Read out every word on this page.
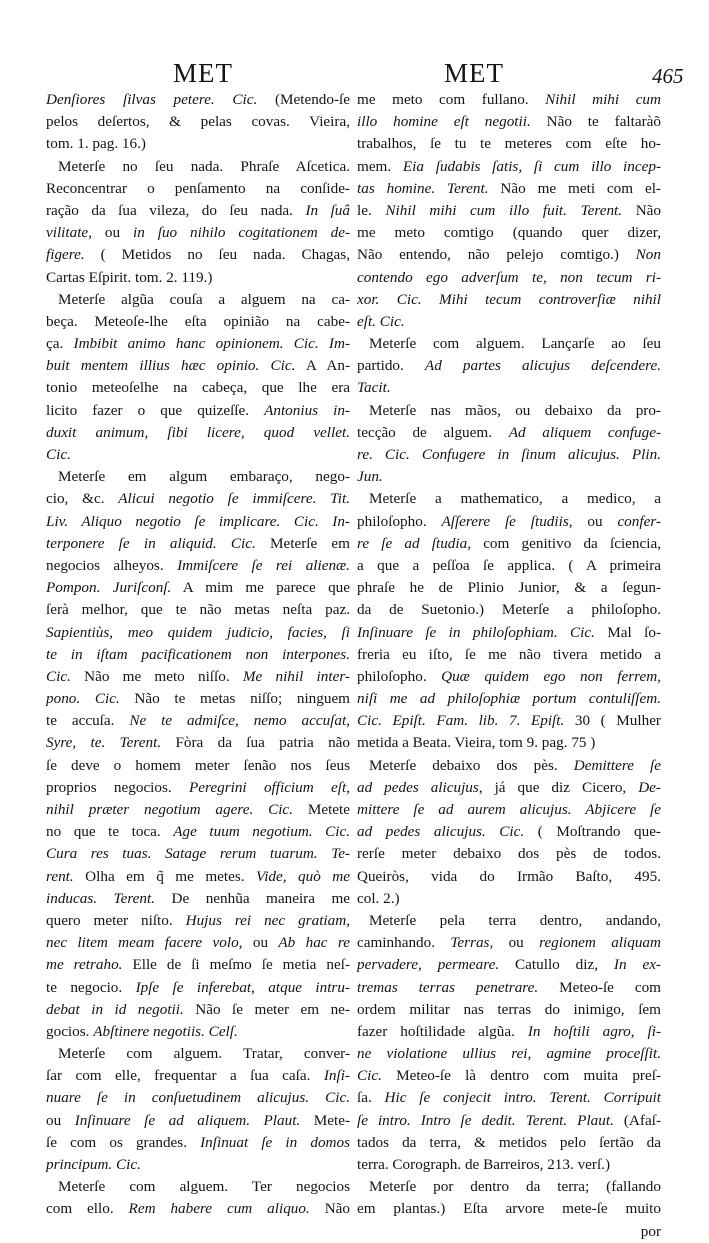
MET	MET	465
Denſiores ſilvas petere. Cic. (Metendo-ſe
pelos deſertos, & pelas covas. Vieira,
tom. 1. pag. 16.)
Meterſe no ſeu nada. Phraſe Aſcetica.
Reconcentrar o penſamento na conſide-
ração da ſua vileza, do ſeu nada. In ſuâ
vilitate, ou in ſuo nihilo cogitationem de-
figere. ( Metidos no ſeu nada. Chagas,
Cartas Eſpirit. tom. 2. 119.)
Meterſe algũa couſa a alguem na ca-
beça. Meteoſe-lhe eſta opinião na cabe-
ça. Imbibit animo hanc opinionem. Cic. Im-
buit mentem illius hæc opinio. Cic. A An-
tonio meteoſelhe na cabeça, que lhe era
licito fazer o que quizeſſe. Antonius in-
duxit animum, ſibi licere, quod vellet.
Cic.
Meterſe em algum embaraço, nego-
cio, &c. Alicui negotio ſe immiſcere. Tit.
Liv. Aliquo negotio ſe implicare. Cic. In-
terponere ſe in aliquid. Cic. Meterſe em
negocios alheyos. Immiſcere ſe rei alienæ.
Pompon. Juriſconſ. A mim me parece que
ſerà melhor, que te não metas neſta paz.
Sapientiùs, meo quidem judicio, facies, ſi
te in iſtam pacificationem non interpones.
Cic. Não me meto niſſo. Me nihil inter-
pono. Cic. Não te metas niſſo; ninguem
te accuſa. Ne te admiſce, nemo accuſat,
Syre, te. Terent. Fòra da ſua patria não
ſe deve o homem meter ſenão nos ſeus
proprios negocios. Peregrini officium eſt,
nihil præter negotium agere. Cic. Metete
no que te toca. Age tuum negotium. Cic.
Cura res tuas. Satage rerum tuarum. Te-
rent. Olha em q̃ me metes. Vide, quò me
inducas. Terent. De nenhũa maneira me
quero meter niſto. Hujus rei nec gratiam,
nec litem meam facere volo, ou Ab hac re
me retraho. Elle de ſi meſmo ſe metia neſ-
te negocio. Ipſe ſe inferebat, atque intru-
debat in id negotii. Não ſe meter em ne-
gocios. Abſtinere negotiis. Celſ.
Meterſe com alguem. Tratar, conver-
ſar com elle, frequentar a ſua caſa. Inſi-
nuare ſe in conſuetudinem alicujus. Cic.
ou Inſinuare ſe ad aliquem. Plaut. Mete-
ſe com os grandes. Inſinuat ſe in domos
principum. Cic.
Meterſe com alguem. Ter negocios
com ello. Rem habere cum aliquo. Não
me meto com fullano. Nihil mihi cum
illo homine eſt negotii. Não te faltaràõ
trabalhos, ſe tu te meteres com eſte ho-
mem. Eia ſudabis ſatis, ſi cum illo incep-
tas homine. Terent. Não me meti com el-
le. Nihil mihi cum illo fuit. Terent. Não
me meto comtigo (quando quer dizer,
Não entendo, não pelejo comtigo.) Non
contendo ego adverſum te, non tecum ri-
xor. Cic. Mihi tecum controverſiæ nihil
eſt. Cic.
Meterſe com alguem. Lançarſe ao ſeu
partido. Ad partes alicujus deſcendere.
Tacit.
Meterſe nas mãos, ou debaixo da pro-
tecção de alguem. Ad aliquem confuge-
re. Cic. Confugere in ſinum alicujus. Plin.
Jun.
Meterſe a mathematico, a medico, a
philoſopho. Aſſerere ſe ſtudiis, ou confer-
re ſe ad ſtudia, com genitivo da ſciencia,
a que a peſſoa ſe applica. ( A primeira
phraſe he de Plinio Junior, & a ſegun-
da de Suetonio.) Meterſe a philoſopho.
Inſinuare ſe in philoſophiam. Cic. Mal ſo-
freria eu iſto, ſe me não tivera metido a
philoſopho. Quæ quidem ego non ferrem,
niſi me ad philoſophiæ portum contuliſſem.
Cic. Epiſt. Fam. lib. 7. Epiſt. 30 ( Mulher
metida a Beata. Vieira, tom 9. pag. 75 )
Meterſe debaixo dos pès. Demittere ſe
ad pedes alicujus, já que diz Cicero, De-
mittere ſe ad aurem alicujus. Abjicere ſe
ad pedes alicujus. Cic. ( Moſtrando que-
rerſe meter debaixo dos pès de todos.
Queiròs, vida do Irmão Baſto, 495.
col. 2.)
Meterſe pela terra dentro, andando,
caminhando. Terras, ou regionem aliquam
pervadere, permeare. Catullo diz, In ex-
tremas terras penetrare. Meteo-ſe com
ordem militar nas terras do inimigo, ſem
fazer hoſtilidade algũa. In hoſtili agro, ſi-
ne violatione ullius rei, agmine proceſſit.
Cic. Meteo-ſe là dentro com muita preſ-
ſa. Hic ſe conjecit intro. Terent. Corripuit
ſe intro. Intro ſe dedit. Terent. Plaut. (Afaſ-
tados da terra, & metidos pelo ſertão da
terra. Corograph. de Barreiros, 213. verſ.)
Meterſe por dentro da terra; (fallando
em plantas.) Eſta arvore mete-ſe muito
por
